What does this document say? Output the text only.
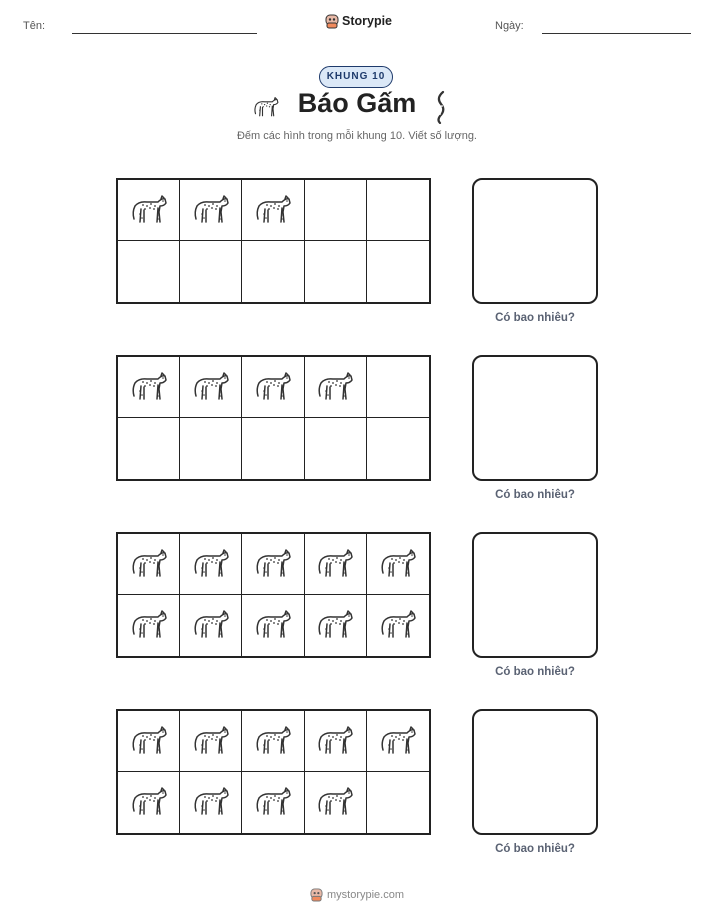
Tên:	Storypie	Ngày:
KHUNG 10
Báo Gấm
Đếm các hình trong mỗi khung 10. Viết số lượng.
Có bao nhiêu?
Có bao nhiêu?
Có bao nhiêu?
Có bao nhiêu?
mystorypie.com
